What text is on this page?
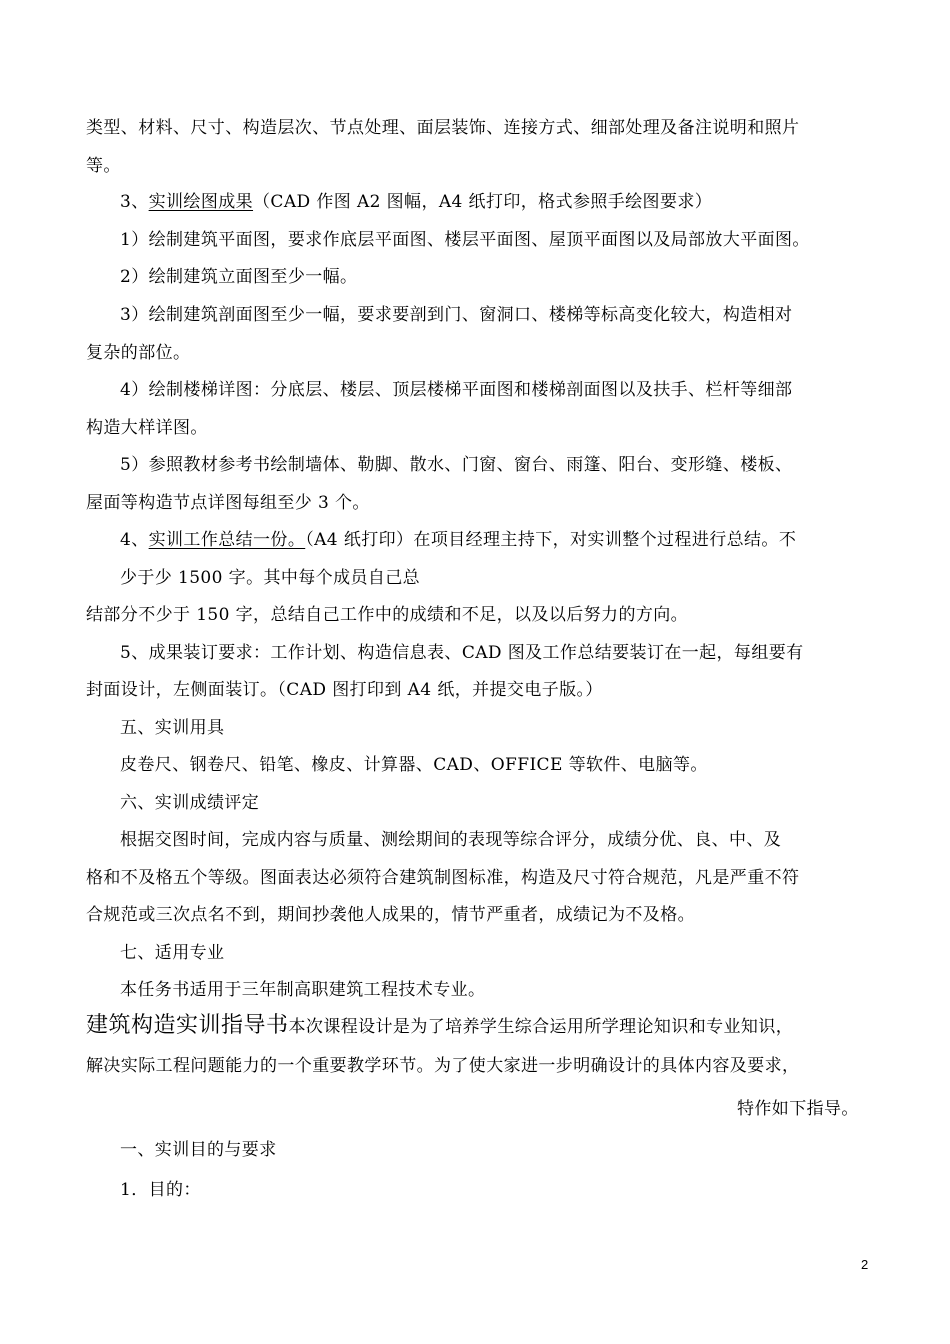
类型、材料、尺寸、构造层次、节点处理、面层装饰、连接方式、细部处理及备注说明和照片
等。
3、实训绘图成果（CAD 作图 A2 图幅，A4 纸打印，格式参照手绘图要求）
1）绘制建筑平面图，要求作底层平面图、楼层平面图、屋顶平面图以及局部放大平面图。
2）绘制建筑立面图至少一幅。
3）绘制建筑剖面图至少一幅，要求要剖到门、窗洞口、楼梯等标高变化较大，构造相对
复杂的部位。
4）绘制楼梯详图：分底层、楼层、顶层楼梯平面图和楼梯剖面图以及扶手、栏杆等细部
构造大样详图。
5）参照教材参考书绘制墙体、勒脚、散水、门窗、窗台、雨篷、阳台、变形缝、楼板、
屋面等构造节点详图每组至少 3 个。
4、实训工作总结一份。（A4 纸打印）在项目经理主持下，对实训整个过程进行总结。不
少于少 1500 字。其中每个成员自己总
结部分不少于 150 字，总结自己工作中的成绩和不足，以及以后努力的方向。
5、成果装订要求：工作计划、构造信息表、CAD 图及工作总结要装订在一起，每组要有
封面设计，左侧面装订。（CAD 图打印到 A4 纸，并提交电子版。）
五、实训用具
皮卷尺、钢卷尺、铅笔、橡皮、计算器、CAD、OFFICE 等软件、电脑等。
六、实训成绩评定
根据交图时间，完成内容与质量、测绘期间的表现等综合评分，成绩分优、良、中、及
格和不及格五个等级。图面表达必须符合建筑制图标准，构造及尺寸符合规范，凡是严重不符
合规范或三次点名不到，期间抄袭他人成果的，情节严重者，成绩记为不及格。
七、适用专业
本任务书适用于三年制高职建筑工程技术专业。
建筑构造实训指导书本次课程设计是为了培养学生综合运用所学理论知识和专业知识，
解决实际工程问题能力的一个重要教学环节。为了使大家进一步明确设计的具体内容及要求，
特作如下指导。
一、实训目的与要求
1．目的：
2
